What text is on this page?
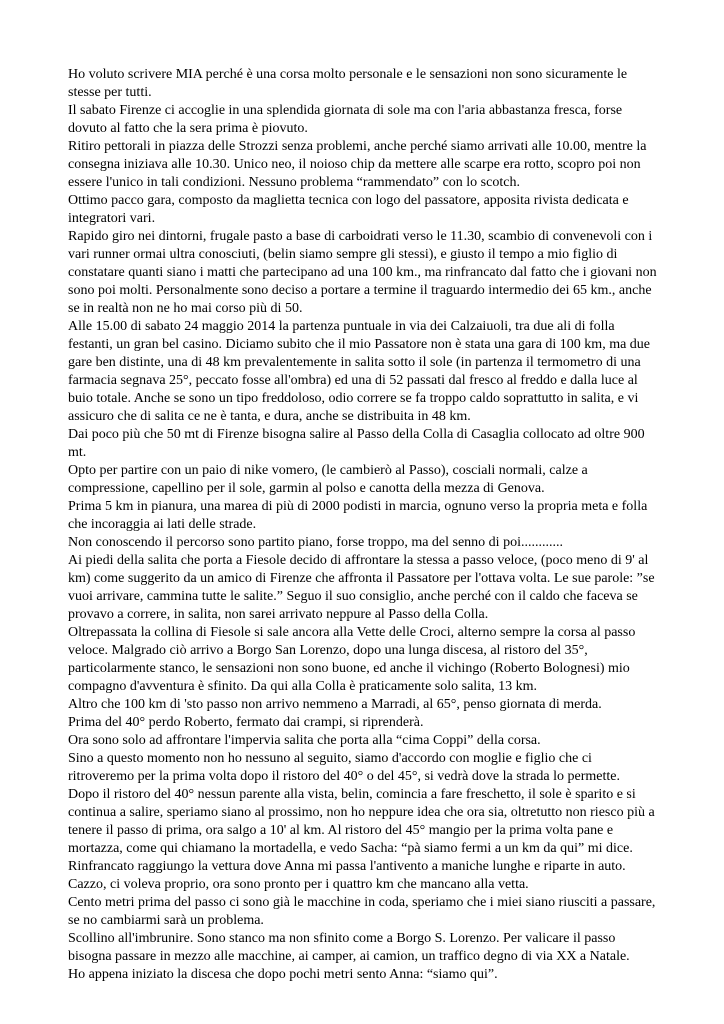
Ho voluto scrivere MIA perché è una corsa molto personale e le sensazioni non sono sicuramente le stesse per tutti.

Il sabato Firenze ci accoglie in una splendida giornata di sole ma con l'aria abbastanza fresca, forse dovuto al fatto che la sera prima è piovuto.

Ritiro pettorali in piazza delle Strozzi senza problemi, anche perché siamo arrivati alle 10.00, mentre la consegna iniziava alle 10.30. Unico neo, il noioso chip da mettere alle scarpe era rotto, scopro poi non essere l'unico in tali condizioni. Nessuno problema “rammendato” con lo scotch.

Ottimo pacco gara, composto da maglietta tecnica con logo del passatore, apposita rivista dedicata e integratori vari.

Rapido giro nei dintorni, frugale pasto a base di carboidrati verso le 11.30, scambio di convenevoli con i vari runner ormai ultra conosciuti, (belin siamo sempre gli stessi), e giusto il tempo a mio figlio di constatare quanti siano i matti che partecipano ad una 100 km., ma rinfrancato dal fatto che i giovani non sono poi molti. Personalmente sono deciso a portare a termine il traguardo intermedio dei 65 km., anche se in realtà non ne ho mai corso più di 50.

Alle 15.00 di sabato 24 maggio 2014 la partenza puntuale in via dei Calzaiuoli, tra due ali di folla festanti, un gran bel casino. Diciamo subito che il mio Passatore non è stata una gara di 100 km, ma due gare ben distinte, una di 48 km prevalentemente in salita sotto il sole (in partenza il termometro di una farmacia segnava 25°, peccato fosse all'ombra) ed una di 52 passati dal fresco al freddo e dalla luce al buio totale. Anche se sono un tipo freddoloso, odio correre se fa troppo caldo soprattutto in salita, e vi assicuro che di salita ce ne è tanta, e dura, anche se distribuita in 48 km.

Dai poco più che 50 mt di Firenze bisogna salire al Passo della Colla di Casaglia collocato ad oltre 900 mt.

Opto per partire con un paio di nike vomero, (le cambierò al Passo), cosciali normali, calze a compressione, capellino per il sole, garmin al polso e canotta della mezza di Genova.

Prima 5 km in pianura, una marea di più di 2000 podisti in marcia, ognuno verso la propria meta e folla che incoraggia ai lati delle strade.

Non conoscendo il percorso sono partito piano, forse troppo, ma del senno di poi............

Ai piedi della salita che porta a Fiesole decido di affrontare la stessa a passo veloce, (poco meno di 9' al km) come suggerito da un amico di Firenze che affronta il Passatore per l'ottava volta. Le sue parole: ”se vuoi arrivare, cammina tutte le salite.” Seguo il suo consiglio, anche perché con il caldo che faceva se provavo a correre, in salita, non sarei arrivato neppure al Passo della Colla.

Oltrepassata la collina di Fiesole si sale ancora alla Vette delle Croci, alterno sempre la corsa al passo veloce. Malgrado ciò arrivo a Borgo San Lorenzo, dopo una lunga discesa, al ristoro del 35°, particolarmente stanco, le sensazioni non sono buone, ed anche il vichingo (Roberto Bolognesi) mio compagno d'avventura è sfinito. Da qui alla Colla è praticamente solo salita, 13 km.

Altro che 100 km di 'sto passo non arrivo nemmeno a Marradi, al 65°, penso giornata di merda.

Prima del 40° perdo Roberto, fermato dai crampi, si riprenderà.

Ora sono solo ad affrontare l'impervia salita che porta alla “cima Coppi” della corsa.

Sino a questo momento non ho nessuno al seguito, siamo d'accordo con moglie e figlio che ci ritroveremo per la prima volta dopo il ristoro del 40° o del 45°, si vedrà dove la strada lo permette.

Dopo il ristoro del 40° nessun parente alla vista, belin, comincia a fare freschetto, il sole è sparito e si continua a salire, speriamo siano al prossimo, non ho neppure idea che ora sia, oltretutto non riesco più a tenere il passo di prima, ora salgo a 10' al km. Al ristoro del 45° mangio per la prima volta pane e mortazza, come qui chiamano la mortadella, e vedo Sacha: “pà siamo fermi a un km da qui” mi dice.

Rinfrancato raggiungo la vettura dove Anna mi passa l'antivento a maniche lunghe e riparte in auto. Cazzo, ci voleva proprio, ora sono pronto per i quattro km che mancano alla vetta.

Cento metri prima del passo ci sono già le macchine in coda, speriamo che i miei siano riusciti a passare, se no cambiarmi sarà un problema.

Scollino all'imbrunire. Sono stanco ma non sfinito come a Borgo S. Lorenzo. Per valicare il passo bisogna passare in mezzo alle macchine, ai camper, ai camion, un traffico degno di via XX a Natale.

Ho appena iniziato la discesa che dopo pochi metri sento Anna: “siamo qui”.
